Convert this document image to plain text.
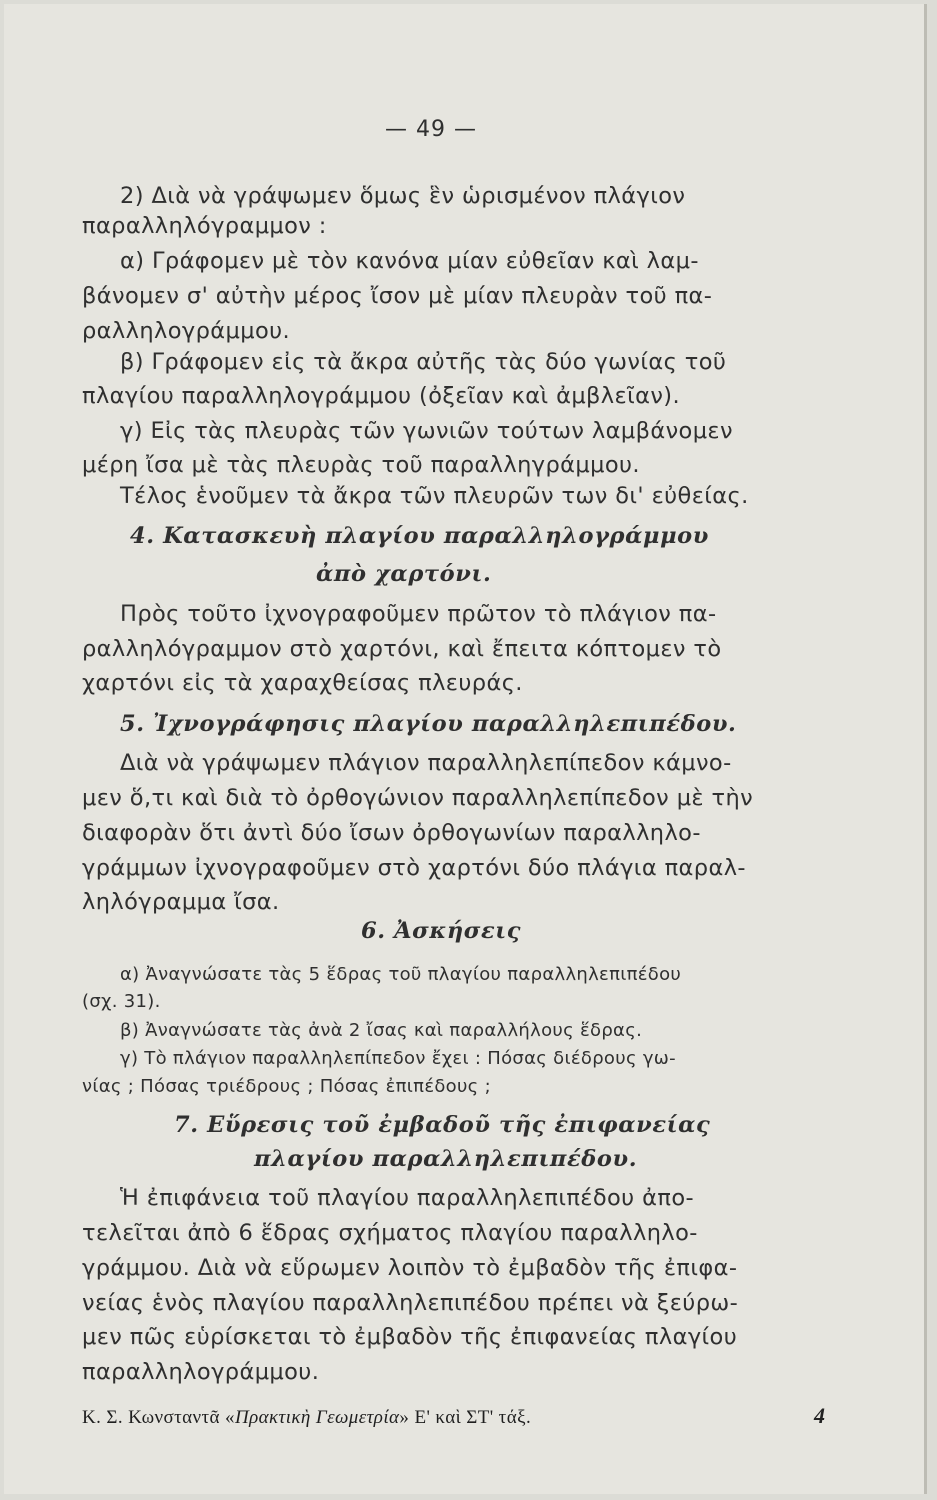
— 49 —
2) Διὰ νὰ γράψωμεν ὅμως ἓν ὡρισμένον πλάγιον
παραλληλόγραμμον :
α) Γράφομεν μὲ τὸν κανόνα μίαν εὐθεῖαν καὶ λαμ-
βάνομεν σ' αὐτὴν μέρος ἴσον μὲ μίαν πλευρὰν τοῦ πα-
ραλληλογράμμου.
β) Γράφομεν εἰς τὰ ἄκρα αὐτῆς τὰς δύο γωνίας τοῦ
πλαγίου παραλληλογράμμου (ὀξεῖαν καὶ ἀμβλεῖαν).
γ) Εἰς τὰς πλευρὰς τῶν γωνιῶν τούτων λαμβάνομεν
μέρη ἴσα μὲ τὰς πλευρὰς τοῦ παραλληγράμμου.
Τέλος ἑνοῦμεν τὰ ἄκρα τῶν πλευρῶν των δι' εὐθείας.
4. Κατασκευὴ πλαγίου παραλληλογράμμου
ἀπὸ χαρτόνι.
Πρὸς τοῦτο ἰχνογραφοῦμεν πρῶτον τὸ πλάγιον πα-
ραλληλόγραμμον στὸ χαρτόνι, καὶ ἔπειτα κόπτομεν τὸ
χαρτόνι εἰς τὰ χαραχθείσας πλευράς.
5. Ἰχνογράφησις πλαγίου παραλληλεπιπέδου.
Διὰ νὰ γράψωμεν πλάγιον παραλληλεπίπεδον κάμνο-
μεν ὅ,τι καὶ διὰ τὸ ὀρθογώνιον παραλληλεπίπεδον μὲ τὴν
διαφορὰν ὅτι ἀντὶ δύο ἴσων ὀρθογωνίων παραλληλο-
γράμμων ἰχνογραφοῦμεν στὸ χαρτόνι δύο πλάγια παραλ-
ληλόγραμμα ἴσα.
6. Ἀσκήσεις
α) Ἀναγνώσατε τὰς 5 ἕδρας τοῦ πλαγίου παραλληλεπιπέδου
(σχ. 31).
β) Ἀναγνώσατε τὰς ἀνὰ 2 ἴσας καὶ παραλλήλους ἕδρας.
γ) Τὸ πλάγιον παραλληλεπίπεδον ἔχει : Πόσας διέδρους γω-
νίας ; Πόσας τριέδρους ; Πόσας ἐπιπέδους ;
7. Εὕρεσις τοῦ ἐμβαδοῦ τῆς ἐπιφανείας
πλαγίου παραλληλεπιπέδου.
Ἡ ἐπιφάνεια τοῦ πλαγίου παραλληλεπιπέδου ἀπο-
τελεῖται ἀπὸ 6 ἕδρας σχήματος πλαγίου παραλληλο-
γράμμου. Διὰ νὰ εὕρωμεν λοιπὸν τὸ ἐμβαδὸν τῆς ἐπιφα-
νείας ἑνὸς πλαγίου παραλληλεπιπέδου πρέπει νὰ ξεύρω-
μεν πῶς εὑρίσκεται τὸ ἐμβαδὸν τῆς ἐπιφανείας πλαγίου
παραλληλογράμμου.
Κ. Σ. Κωνσταντᾶ «Πρακτικὴ Γεωμετρία» Ε' καὶ ΣΤ' τάξ.	4
